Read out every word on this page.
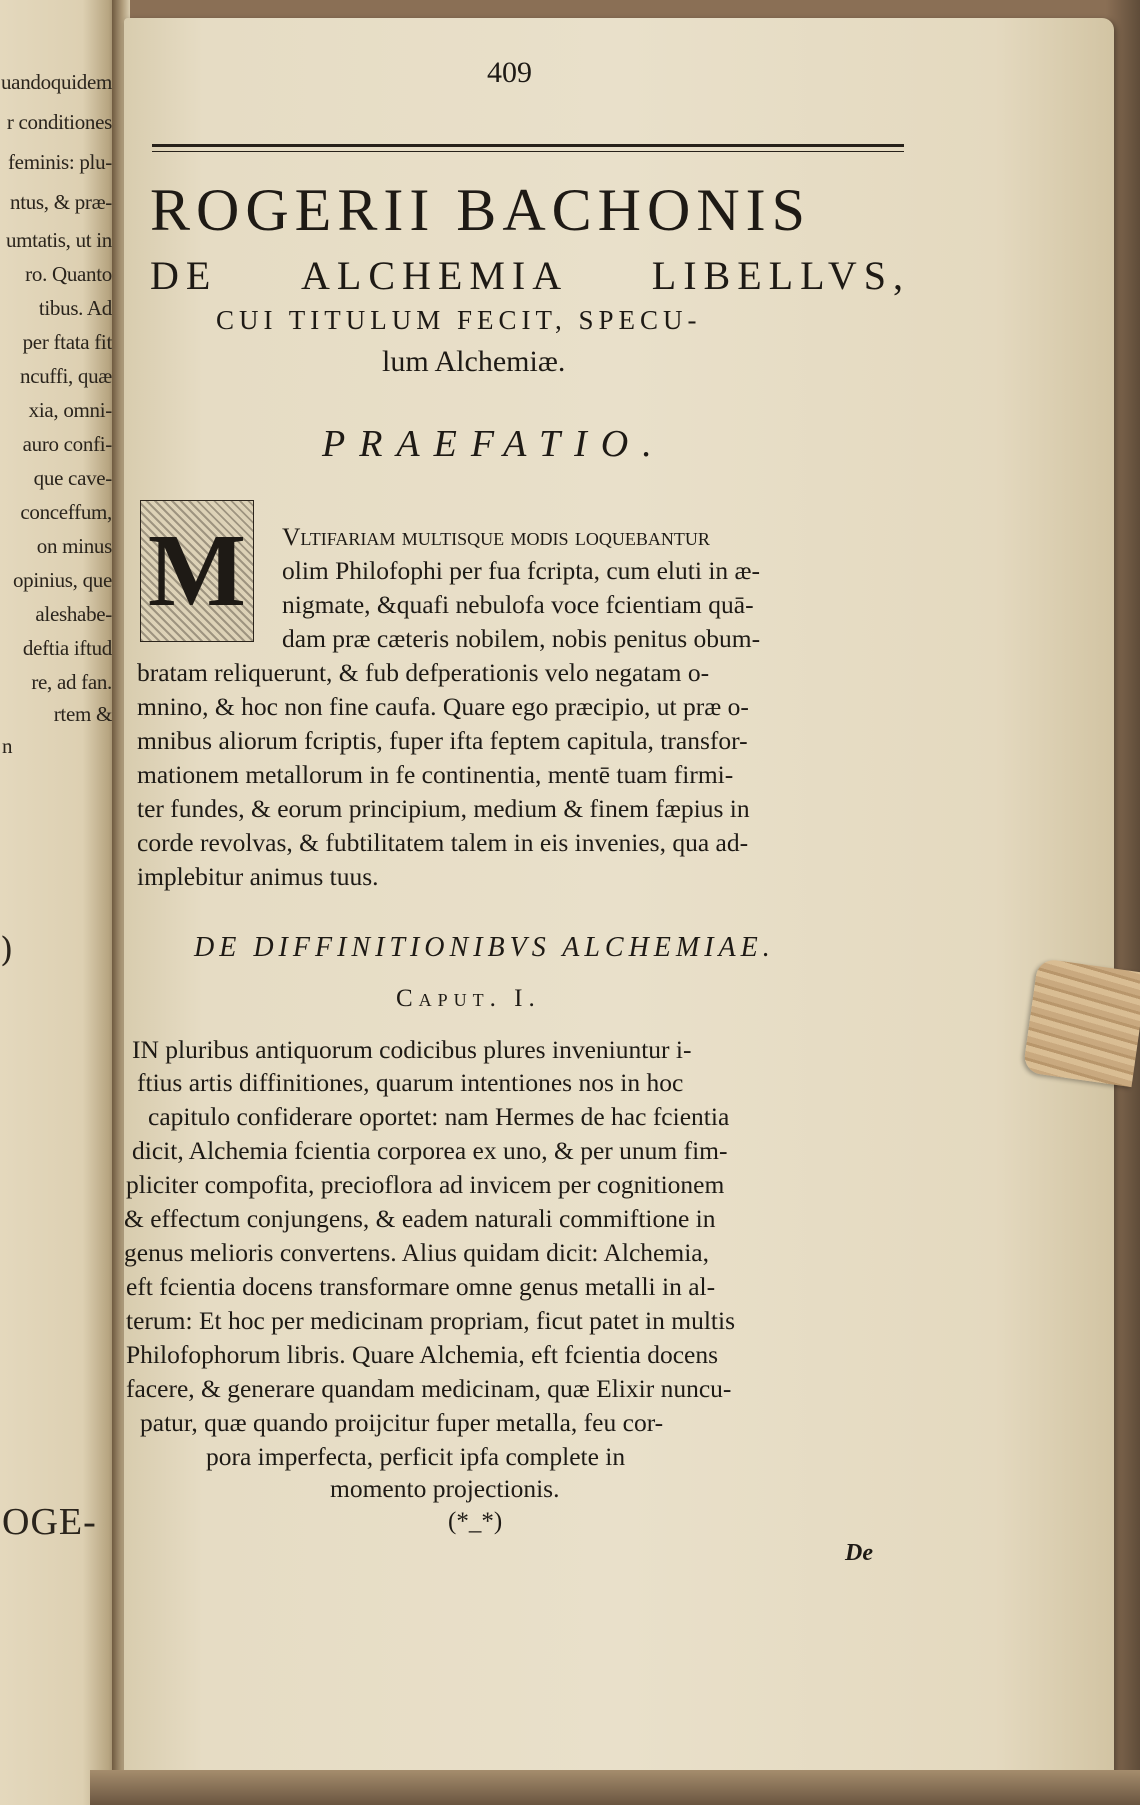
uandoquidem
r conditiones
feminis: plu-
ntus, & præ-
umtatis, ut in
ro. Quanto
tibus. Ad
per ftata fit
ncuffi, quæ
xia, omni-
auro confi-
que cave-
conceffum,
on minus
opinius, que
aleshabe-
deftia iftud
re, ad fan.
rtem &
n
)
OGE-
409
ROGERII BACHONIS
DE ALCHEMIA LIBELLVS,
CUI TITULUM FECIT, SPECU-
lum Alchemiæ.
PRAEFATIO.
M Vltifariam multisque modis loquebantur
olim Philofophi per fua fcripta, cum eluti in æ-
nigmate, &quafi nebulofa voce fcientiam quā-
dam præ cæteris nobilem, nobis penitus obum-
bratam reliquerunt, & fub defperationis velo negatam o-
mnino, & hoc non fine caufa. Quare ego præcipio, ut præ o-
mnibus aliorum fcriptis, fuper ifta feptem capitula, transfor-
mationem metallorum in fe continentia, mentē tuam firmi-
ter fundes, & eorum principium, medium & finem fæpius in
corde revolvas, & fubtilitatem talem in eis invenies, qua ad-
implebitur animus tuus.
DE DIFFINITIONIBVS ALCHEMIAE.
Caput. I.
IN pluribus antiquorum codicibus plures inveniuntur i-
ftius artis diffinitiones, quarum intentiones nos in hoc
capitulo confiderare oportet: nam Hermes de hac fcientia
dicit, Alchemia fcientia corporea ex uno, & per unum fim-
pliciter compofita, precioflora ad invicem per cognitionem
& effectum conjungens, & eadem naturali commiftione in
genus melioris convertens. Alius quidam dicit: Alchemia,
eft fcientia docens transformare omne genus metalli in al-
terum: Et hoc per medicinam propriam, ficut patet in multis
Philofophorum libris. Quare Alchemia, eft fcientia docens
facere, & generare quandam medicinam, quæ Elixir nuncu-
patur, quæ quando proijcitur fuper metalla, feu cor-
pora imperfecta, perficit ipfa complete in
momento projectionis.
(*_*)
De
